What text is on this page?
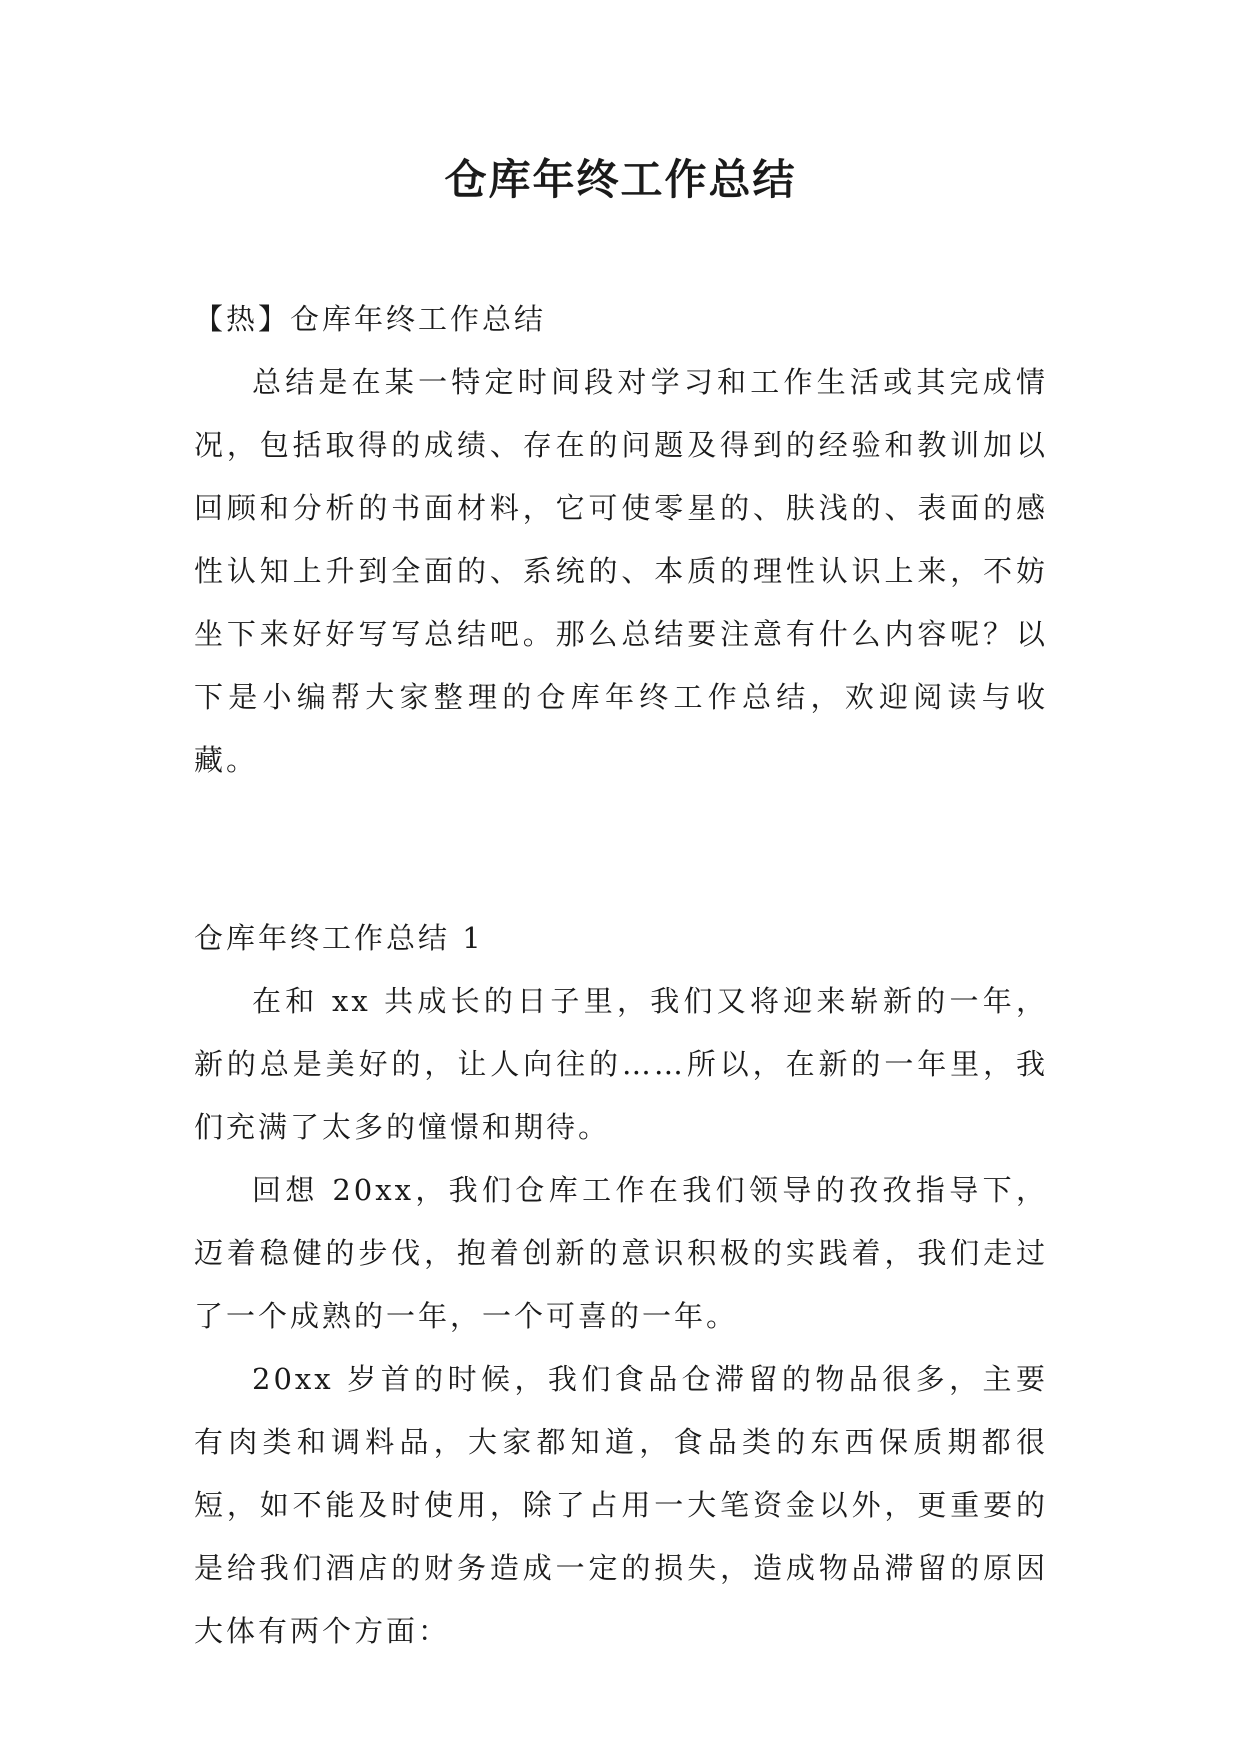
仓库年终工作总结

【热】仓库年终工作总结

总结是在某一特定时间段对学习和工作生活或其完成情况，包括取得的成绩、存在的问题及得到的经验和教训加以回顾和分析的书面材料，它可使零星的、肤浅的、表面的感性认知上升到全面的、系统的、本质的理性认识上来，不妨坐下来好好写写总结吧。那么总结要注意有什么内容呢？以下是小编帮大家整理的仓库年终工作总结，欢迎阅读与收藏。

仓库年终工作总结 1

在和 xx 共成长的日子里，我们又将迎来崭新的一年，新的总是美好的，让人向往的……所以，在新的一年里，我们充满了太多的憧憬和期待。

回想 20xx，我们仓库工作在我们领导的孜孜指导下，迈着稳健的步伐，抱着创新的意识积极的实践着，我们走过了一个成熟的一年，一个可喜的一年。

20xx 岁首的时候，我们食品仓滞留的物品很多，主要有肉类和调料品，大家都知道，食品类的东西保质期都很短，如不能及时使用，除了占用一大笔资金以外，更重要的是给我们酒店的财务造成一定的损失，造成物品滞留的原因大体有两个方面：
